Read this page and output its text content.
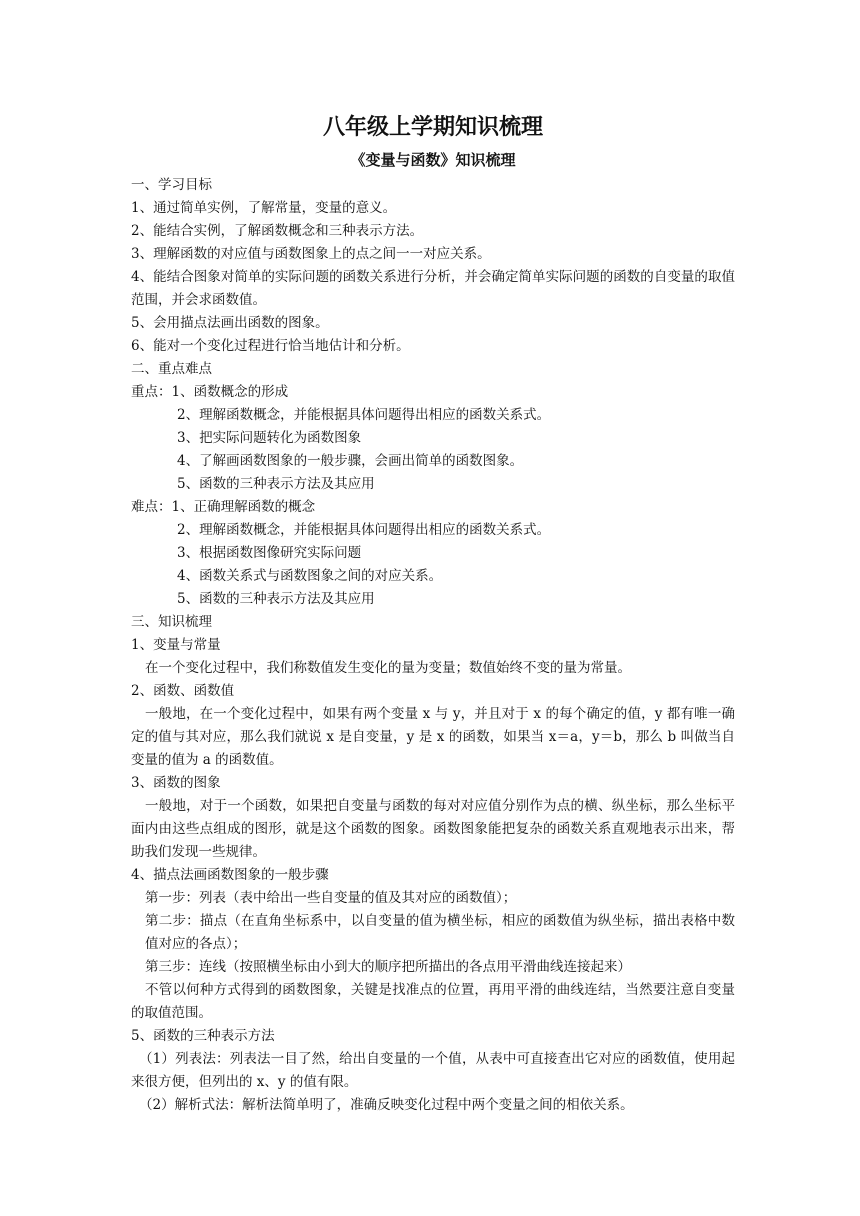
八年级上学期知识梳理
《变量与函数》知识梳理

一、学习目标

1、通过简单实例，了解常量，变量的意义。

2、能结合实例，了解函数概念和三种表示方法。

3、理解函数的对应值与函数图象上的点之间一一对应关系。

4、能结合图象对简单的实际问题的函数关系进行分析，并会确定简单实际问题的函数的自变量的取值范围，并会求函数值。

5、会用描点法画出函数的图象。

6、能对一个变化过程进行恰当地估计和分析。

二、重点难点

重点：1、函数概念的形成

2、理解函数概念，并能根据具体问题得出相应的函数关系式。

3、把实际问题转化为函数图象

4、了解画函数图象的一般步骤，会画出简单的函数图象。

5、函数的三种表示方法及其应用

难点：1、正确理解函数的概念

2、理解函数概念，并能根据具体问题得出相应的函数关系式。

3、根据函数图像研究实际问题

4、函数关系式与函数图象之间的对应关系。

5、函数的三种表示方法及其应用

三、知识梳理

1、变量与常量

在一个变化过程中，我们称数值发生变化的量为变量；数值始终不变的量为常量。

2、函数、函数值

一般地，在一个变化过程中，如果有两个变量 x 与 y，并且对于 x 的每个确定的值，y 都有唯一确定的值与其对应，那么我们就说 x 是自变量，y 是 x 的函数，如果当 x＝a，y＝b，那么 b 叫做当自变量的值为 a 的函数值。

3、函数的图象

一般地，对于一个函数，如果把自变量与函数的每对对应值分别作为点的横、纵坐标，那么坐标平面内由这些点组成的图形，就是这个函数的图象。函数图象能把复杂的函数关系直观地表示出来，帮助我们发现一些规律。

4、描点法画函数图象的一般步骤

第一步：列表（表中给出一些自变量的值及其对应的函数值）；

第二步：描点（在直角坐标系中，以自变量的值为横坐标，相应的函数值为纵坐标，描出表格中数值对应的各点）；

第三步：连线（按照横坐标由小到大的顺序把所描出的各点用平滑曲线连接起来）

不管以何种方式得到的函数图象，关键是找准点的位置，再用平滑的曲线连结，当然要注意自变量的取值范围。

5、函数的三种表示方法

（1）列表法：列表法一目了然，给出自变量的一个值，从表中可直接查出它对应的函数值，使用起来很方便，但列出的 x、y 的值有限。

（2）解析式法：解析法简单明了，准确反映变化过程中两个变量之间的相依关系。
